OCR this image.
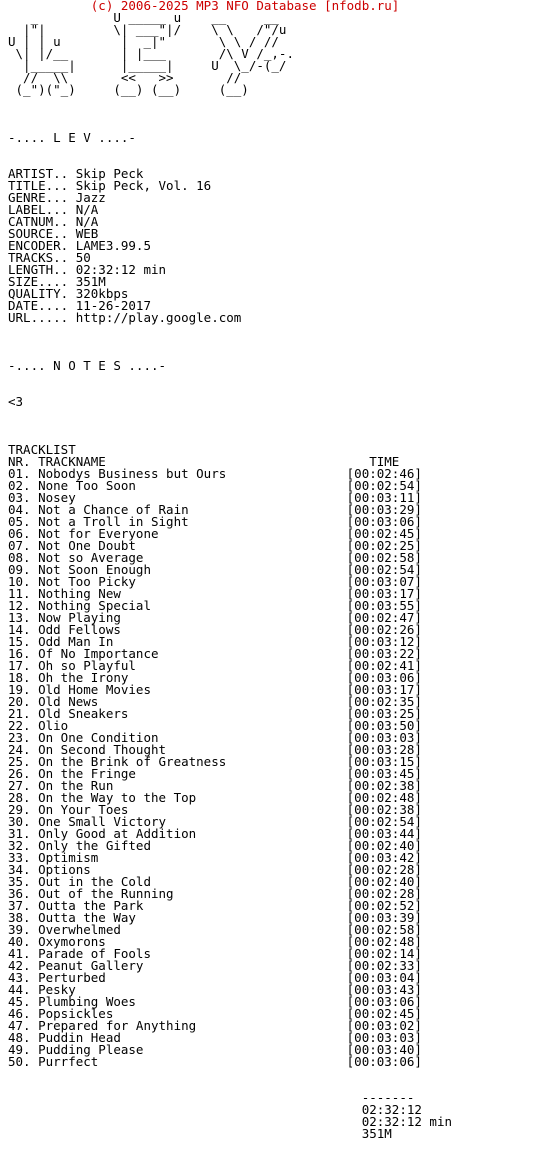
(c) 2006-2025 MP3 NFO Database [nfodb.ru]
_          U _____ u    __     __
|"|         \| ___"|/    \ \   /"/u
U | | u        |  _|"       \ \ / //
\| |/__       | |___       /\ V /_,-.
|_____|      |_____|     U  \_/-(_/
//  \\       <<   >>       //
(_")("_)     (__) (__)     (__)
-.... L E V ....-
ARTIST.. Skip Peck
TITLE... Skip Peck, Vol. 16
GENRE... Jazz
LABEL... N/A
CATNUM.. N/A
SOURCE.. WEB
ENCODER. LAME3.99.5
TRACKS.. 50
LENGTH.. 02:32:12 min
SIZE.... 351M
QUALITY. 320kbps
DATE.... 11-26-2017
URL..... http://play.google.com
-.... N O T E S ....-
<3
TRACKLIST
NR. TRACKNAME                                   TIME
01. Nobodys Business but Ours                [00:02:46]
02. None Too Soon                            [00:02:54]
03. Nosey                                    [00:03:11]
04. Not a Chance of Rain                     [00:03:29]
05. Not a Troll in Sight                     [00:03:06]
06. Not for Everyone                         [00:02:45]
07. Not One Doubt                            [00:02:25]
08. Not so Average                           [00:02:58]
09. Not Soon Enough                          [00:02:54]
10. Not Too Picky                            [00:03:07]
11. Nothing New                              [00:03:17]
12. Nothing Special                          [00:03:55]
13. Now Playing                              [00:02:47]
14. Odd Fellows                              [00:02:26]
15. Odd Man In                               [00:03:12]
16. Of No Importance                         [00:03:22]
17. Oh so Playful                            [00:02:41]
18. Oh the Irony                             [00:03:06]
19. Old Home Movies                          [00:03:17]
20. Old News                                 [00:02:35]
21. Old Sneakers                             [00:03:25]
22. Olio                                     [00:03:50]
23. On One Condition                         [00:03:03]
24. On Second Thought                        [00:03:28]
25. On the Brink of Greatness                [00:03:15]
26. On the Fringe                            [00:03:45]
27. On the Run                               [00:02:38]
28. On the Way to the Top                    [00:02:48]
29. On Your Toes                             [00:02:38]
30. One Small Victory                        [00:02:54]
31. Only Good at Addition                    [00:03:44]
32. Only the Gifted                          [00:02:40]
33. Optimism                                 [00:03:42]
34. Options                                  [00:02:28]
35. Out in the Cold                          [00:02:40]
36. Out of the Running                       [00:02:28]
37. Outta the Park                           [00:02:52]
38. Outta the Way                            [00:03:39]
39. Overwhelmed                              [00:02:58]
40. Oxymorons                                [00:02:48]
41. Parade of Fools                          [00:02:14]
42. Peanut Gallery                           [00:02:33]
43. Perturbed                                [00:03:04]
44. Pesky                                    [00:03:43]
45. Plumbing Woes                            [00:03:06]
46. Popsickles                               [00:02:45]
47. Prepared for Anything                    [00:03:02]
48. Puddin Head                              [00:03:03]
49. Pudding Please                           [00:03:40]
50. Purrfect                                 [00:03:06]
-------
02:32:12
02:32:12 min
351M
